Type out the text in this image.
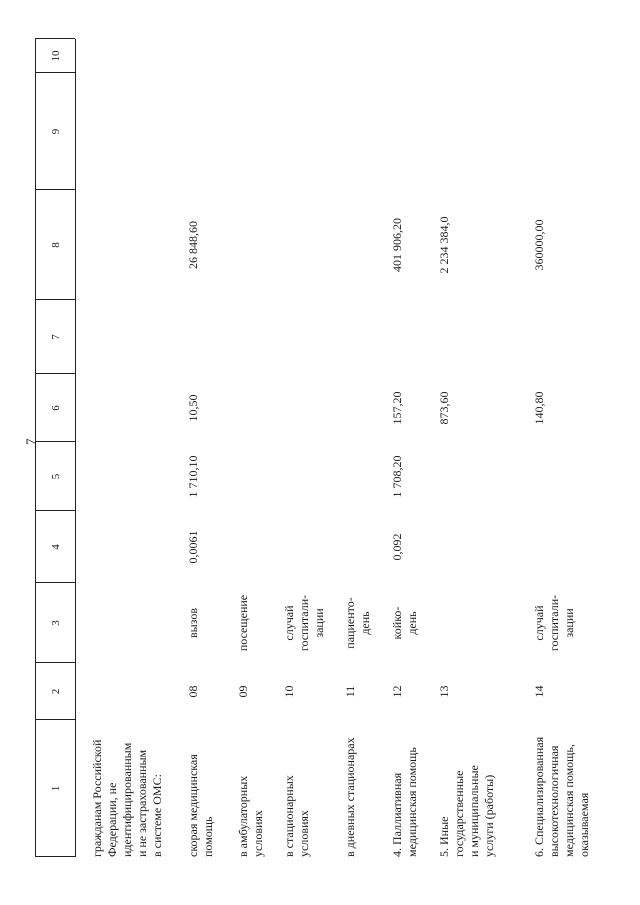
7
1
2
3
4
5
6
7
8
9
10
гражданам Российской Федерации, не идентифицированным и не застрахованным в системе ОМС: скорая медицинская помощь
08
вызов
0,0061
1 710,10
10,50
26 848,60
в амбулаторных условиях
09
посещение
в стационарных условиях
10
случай госпитали- зации
в дневных стационарах
11
пациенто- день
4. Паллиативная медицинская помощь
12
койко- день
0,092
1 708,20
157,20
401 906,20
5. Иные государственные и муниципальные услуги (работы)
13
873,60
2 234 384,0
6. Специализированная высокотехнологичная медицинская помощь, оказываемая
14
случай госпитали- зации
140,80
360000,00
